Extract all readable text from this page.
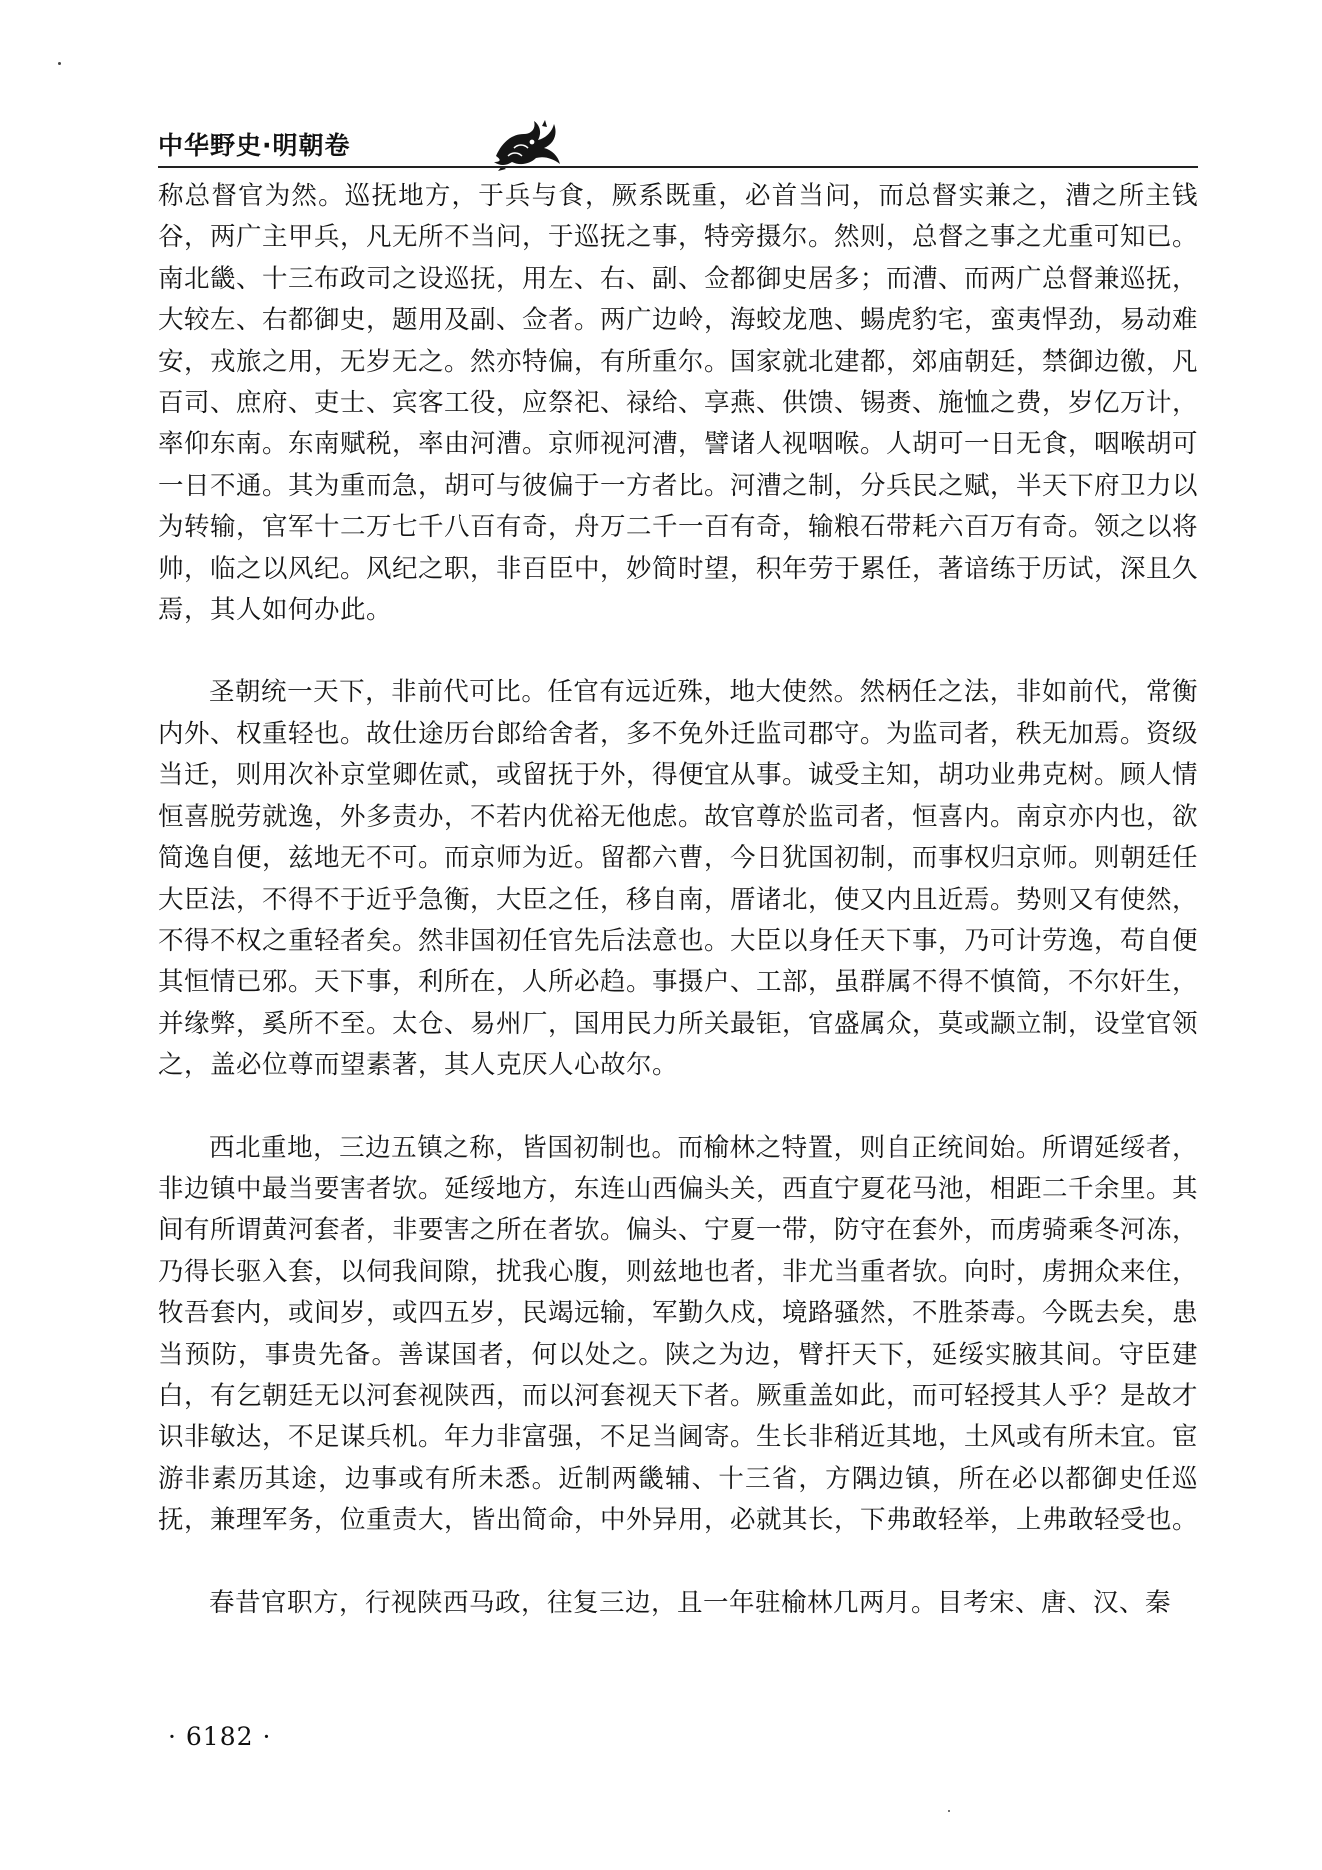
中华野史·明朝卷

称总督官为然。巡抚地方，于兵与食，厥系既重，必首当问，而总督实兼之，漕之所主钱谷，两广主甲兵，凡无所不当问，于巡抚之事，特旁摄尔。然则，总督之事之尤重可知已。南北畿、十三布政司之设巡抚，用左、右、副、佥都御史居多；而漕、而两广总督兼巡抚，大较左、右都御史，题用及副、佥者。两广边岭，海蛟龙虺、蝪虎豹宅，蛮夷悍劲，易动难安，戎旅之用，无岁无之。然亦特偏，有所重尔。国家就北建都，郊庙朝廷，禁御边徼，凡百司、庶府、吏士、宾客工役，应祭祀、禄给、享燕、供馈、锡赉、施恤之费，岁亿万计，率仰东南。东南赋税，率由河漕。京师视河漕，譬诸人视咽喉。人胡可一日无食，咽喉胡可一日不通。其为重而急，胡可与彼偏于一方者比。河漕之制，分兵民之赋，半天下府卫力以为转输，官军十二万七千八百有奇，舟万二千一百有奇，输粮石带耗六百万有奇。领之以将帅，临之以风纪。风纪之职，非百臣中，妙简时望，积年劳于累任，著谙练于历试，深且久焉，其人如何办此。

圣朝统一天下，非前代可比。任官有远近殊，地大使然。然柄任之法，非如前代，常衡内外、权重轻也。故仕途历台郎给舍者，多不免外迁监司郡守。为监司者，秩无加焉。资级当迁，则用次补京堂卿佐贰，或留抚于外，得便宜从事。诚受主知，胡功业弗克树。顾人情恒喜脱劳就逸，外多责办，不若内优裕无他虑。故官尊於监司者，恒喜内。南京亦内也，欲简逸自便，兹地无不可。而京师为近。留都六曹，今日犹国初制，而事权归京师。则朝廷任大臣法，不得不于近乎急衡，大臣之任，移自南，厝诸北，使又内且近焉。势则又有使然，不得不权之重轻者矣。然非国初任官先后法意也。大臣以身任天下事，乃可计劳逸，苟自便其恒情已邪。天下事，利所在，人所必趋。事摄户、工部，虽群属不得不慎简，不尔奸生，并缘弊，奚所不至。太仓、易州厂，国用民力所关最钜，官盛属众，莫或颛立制，设堂官领之，盖必位尊而望素著，其人克厌人心故尔。

西北重地，三边五镇之称，皆国初制也。而榆林之特置，则自正统间始。所谓延绥者，非边镇中最当要害者欤。延绥地方，东连山西偏头关，西直宁夏花马池，相距二千余里。其间有所谓黄河套者，非要害之所在者欤。偏头、宁夏一带，防守在套外，而虏骑乘冬河冻，乃得长驱入套，以伺我间隙，扰我心腹，则兹地也者，非尤当重者欤。向时，虏拥众来住，牧吾套内，或间岁，或四五岁，民竭远输，军勤久戍，境路骚然，不胜荼毒。今既去矣，患当预防，事贵先备。善谋国者，何以处之。陕之为边，臂扞天下，延绥实腋其间。守臣建白，有乞朝廷无以河套视陕西，而以河套视天下者。厥重盖如此，而可轻授其人乎？是故才识非敏达，不足谋兵机。年力非富强，不足当阃寄。生长非稍近其地，土风或有所未宜。宦游非素历其途，边事或有所未悉。近制两畿辅、十三省，方隅边镇，所在必以都御史任巡抚，兼理军务，位重责大，皆出简命，中外异用，必就其长，下弗敢轻举，上弗敢轻受也。

春昔官职方，行视陕西马政，往复三边，且一年驻榆林几两月。目考宋、唐、汉、秦

· 6182 ·
